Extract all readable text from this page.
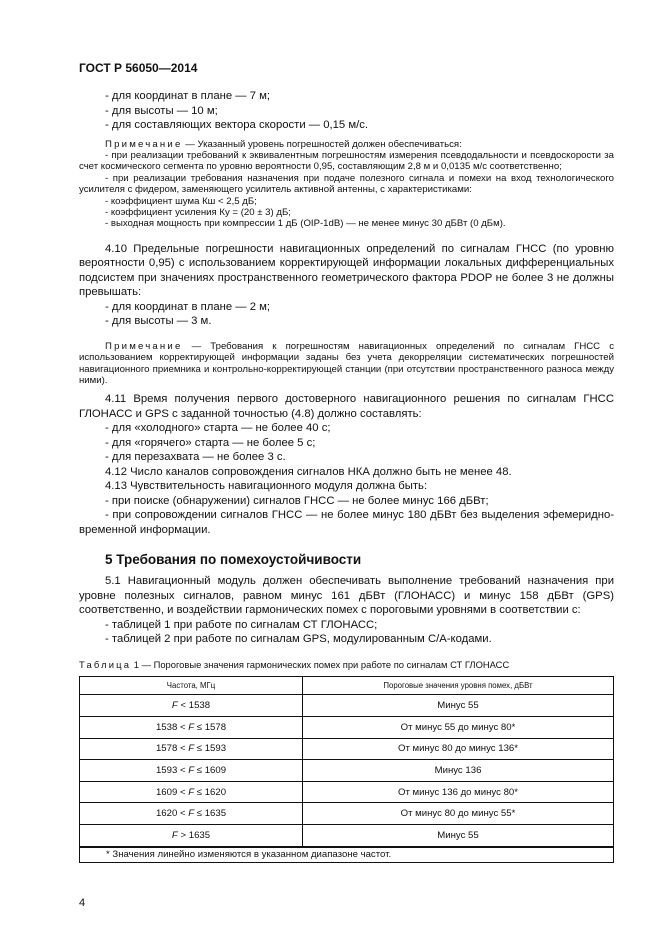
ГОСТ Р 56050—2014

- для координат в плане — 7 м;

- для высоты — 10 м;

- для составляющих вектора скорости — 0,15 м/с.

Примечание — Указанный уровень погрешностей должен обеспечиваться:

- при реализации требований к эквивалентным погрешностям измерения псевдодальности и псевдоскорости за счет космического сегмента по уровню вероятности 0,95, составляющим 2,8 м и 0,0135 м/с соответственно;

- при реализации требования назначения при подаче полезного сигнала и помехи на вход технологического усилителя с фидером, заменяющего усилитель активной антенны, с характеристиками:

- коэффициент шума Кш < 2,5 дБ;

- коэффициент усиления Ку = (20 ± 3) дБ;

- выходная мощность при компрессии 1 дБ (OIP-1dB) — не менее минус 30 дБВт (0 дБм).

4.10 Предельные погрешности навигационных определений по сигналам ГНСС (по уровню вероятности 0,95) с использованием корректирующей информации локальных дифференциальных подсистем при значениях пространственного геометрического фактора PDOP не более 3 не должны превышать:

- для координат в плане — 2 м;

- для высоты — 3 м.

Примечание — Требования к погрешностям навигационных определений по сигналам ГНСС с использованием корректирующей информации заданы без учета декорреляции систематических погрешностей навигационного приемника и контрольно-корректирующей станции (при отсутствии пространственного разноса между ними).

4.11 Время получения первого достоверного навигационного решения по сигналам ГНСС ГЛОНАСС и GPS с заданной точностью (4.8) должно составлять:

- для «холодного» старта — не более 40 с;

- для «горячего» старта — не более 5 с;

- для перезахвата — не более 3 с.

4.12 Число каналов сопровождения сигналов НКА должно быть не менее 48.

4.13 Чувствительность навигационного модуля должна быть:

- при поиске (обнаружении) сигналов ГНСС — не более минус 166 дБВт;

- при сопровождении сигналов ГНСС — не более минус 180 дБВт без выделения эфемеридно-временной информации.

5 Требования по помехоустойчивости

5.1 Навигационный модуль должен обеспечивать выполнение требований назначения при уровне полезных сигналов, равном минус 161 дБВт (ГЛОНАСС) и минус 158 дБВт (GPS) соответственно, и воздействии гармонических помех с пороговыми уровнями в соответствии с:

- таблицей 1 при работе по сигналам СТ ГЛОНАСС;

- таблицей 2 при работе по сигналам GPS, модулированным С/А-кодами.

Таблица 1 — Пороговые значения гармонических помех при работе по сигналам СТ ГЛОНАСС
Частота, МГц	Пороговые значения уровня помех, дБВт
F < 1538	Минус 55
1538 < F ≤ 1578	От минус 55 до минус 80*
1578 < F ≤ 1593	От минус 80 до минус 136*
1593 < F ≤ 1609	Минус 136
1609 < F ≤ 1620	От минус 136 до минус 80*
1620 < F ≤ 1635	От минус 80 до минус 55*
F > 1635	Минус 55
* Значения линейно изменяются в указанном диапазоне частот.	
4
